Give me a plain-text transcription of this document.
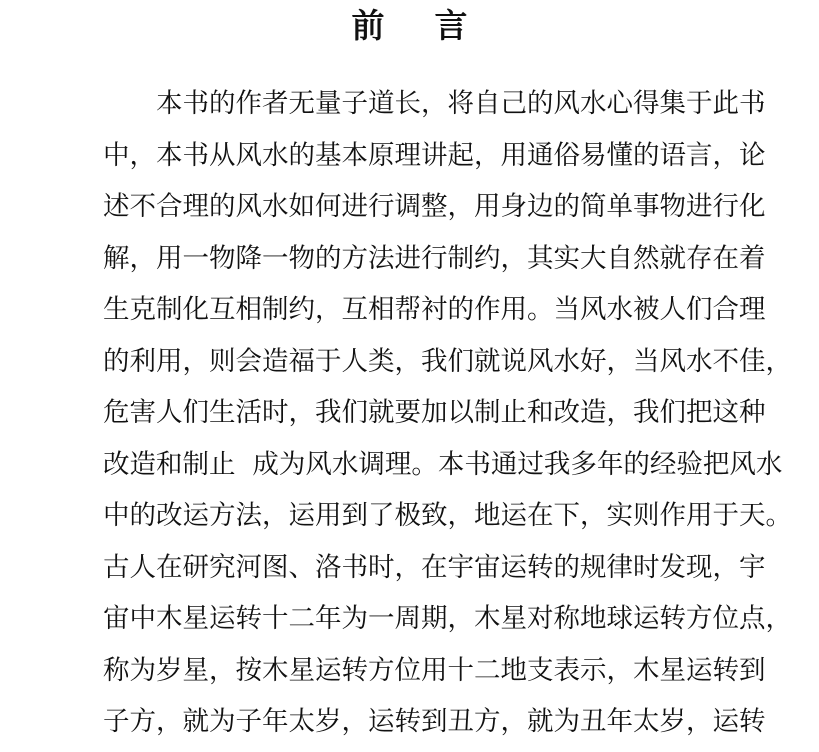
前 言
本书的作者无量子道长，将自己的风水心得集于此书
中，本书从风水的基本原理讲起，用通俗易懂的语言，论
述不合理的风水如何进行调整，用身边的简单事物进行化
解，用一物降一物的方法进行制约，其实大自然就存在着
生克制化互相制约，互相帮衬的作用。当风水被人们合理
的利用，则会造福于人类，我们就说风水好，当风水不佳，
危害人们生活时，我们就要加以制止和改造，我们把这种
改造和制止  成为风水调理。本书通过我多年的经验把风水
中的改运方法，运用到了极致，地运在下，实则作用于天。
古人在研究河图、洛书时，在宇宙运转的规律时发现，宇
宙中木星运转十二年为一周期，木星对称地球运转方位点，
称为岁星，按木星运转方位用十二地支表示，木星运转到
子方，就为子年太岁，运转到丑方，就为丑年太岁，运转
